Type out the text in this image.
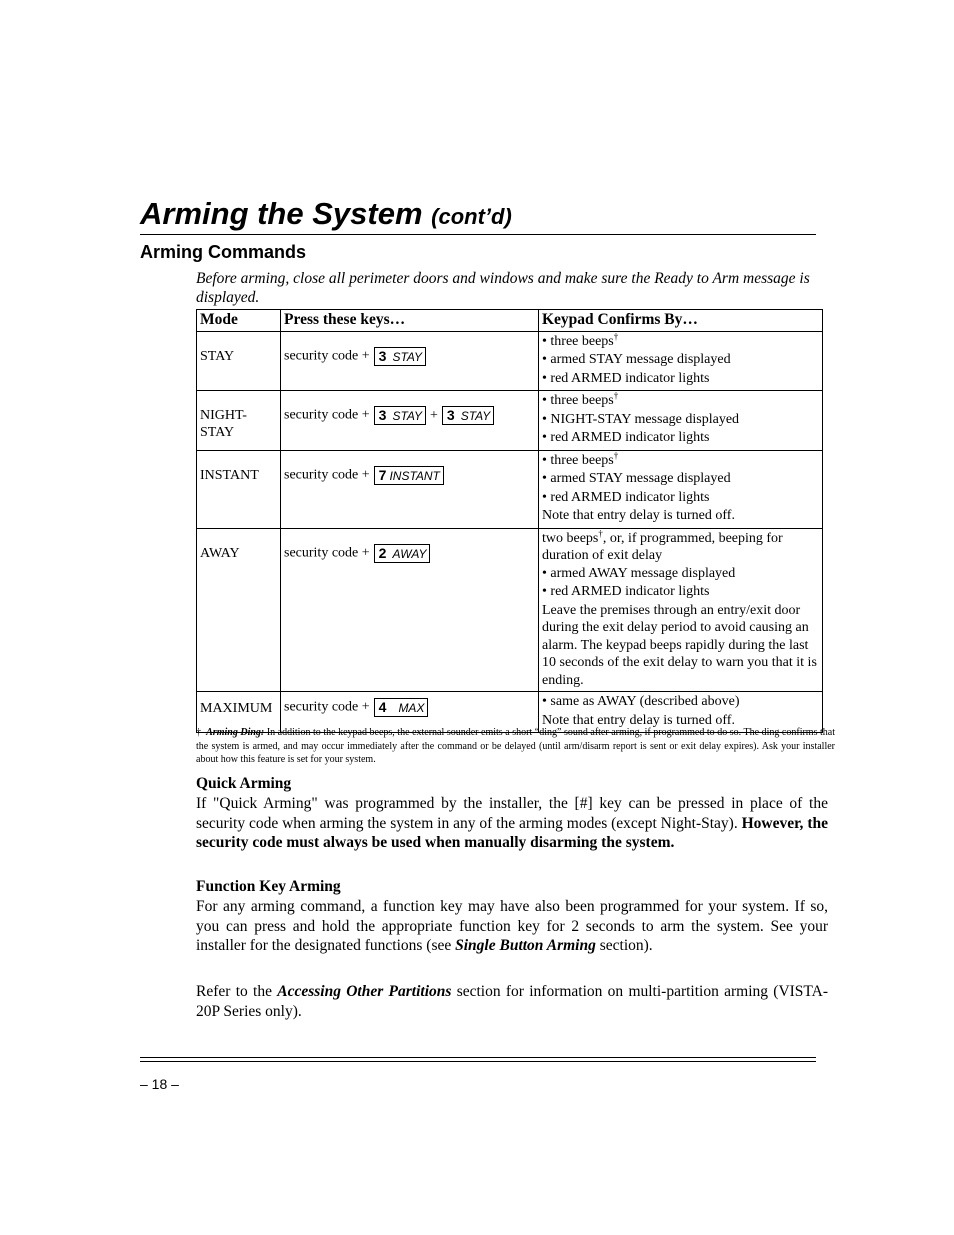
Arming the System (cont’d)
Arming Commands
Before arming, close all perimeter doors and windows and make sure the Ready to Arm message is displayed.
Mode	Press these keys…	Keypad Confirms By…
STAY	security code + 3 STAY	• three beeps†
• armed STAY message displayed
• red ARMED indicator lights

NIGHT-
STAY	security code + 3 STAY + 3 STAY	• three beeps†
• NIGHT-STAY message displayed
• red ARMED indicator lights

INSTANT	security code + 7 INSTANT	• three beeps†
• armed STAY message displayed
• red ARMED indicator lights
Note that entry delay is turned off.

AWAY	security code + 2 AWAY	two beeps†, or, if programmed, beeping for duration of exit delay
• armed AWAY message displayed
• red ARMED indicator lights
Leave the premises through an entry/exit door during the exit delay period to avoid causing an alarm. The keypad beeps rapidly during the last 10 seconds of the exit delay to warn you that it is ending.

MAXIMUM	security code + 4 MAX	• same as AWAY (described above)
Note that entry delay is turned off.
† Arming Ding: In addition to the keypad beeps, the external sounder emits a short “ding” sound after arming, if programmed to do so. The ding confirms that the system is armed, and may occur immediately after the command or be delayed (until arm/disarm report is sent or exit delay expires). Ask your installer about how this feature is set for your system.
Quick Arming
If "Quick Arming" was programmed by the installer, the [#] key can be pressed in place of the security code when arming the system in any of the arming modes (except Night-Stay). However, the security code must always be used when manually disarming the system.
Function Key Arming
For any arming command, a function key may have also been programmed for your system. If so, you can press and hold the appropriate function key for 2 seconds to arm the system. See your installer for the designated functions (see Single Button Arming section).
Refer to the Accessing Other Partitions section for information on multi-partition arming (VISTA-20P Series only).
– 18 –
